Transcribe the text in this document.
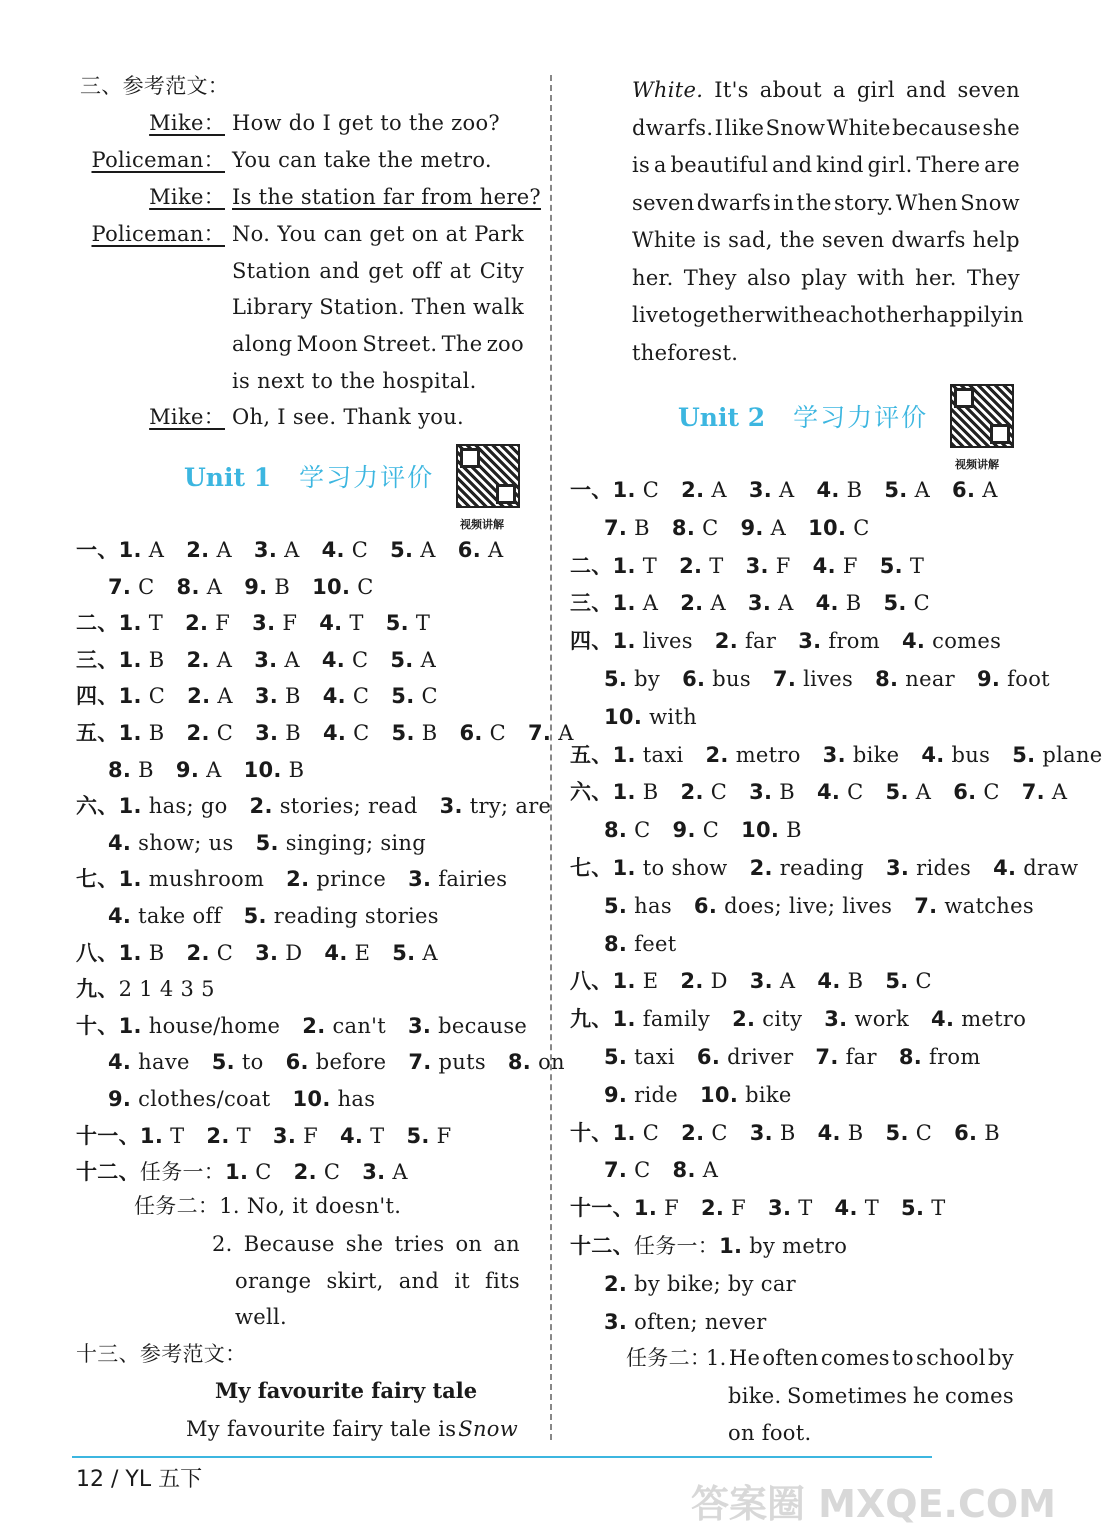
三、参考范文：
Mike： How do I get to the zoo?
Policeman： You can take the metro.
Mike： Is the station far from here?
Policeman： No. You can get on at Park
Station and get off at City
Library Station. Then walk
along Moon Street. The zoo
is next to the hospital.
Mike： Oh, I see. Thank you.
Unit 1 学习力评价
视频讲解
一、1. A 2. A 3. A 4. C 5. A 6. A
7. C 8. A 9. B 10. C
二、1. T 2. F 3. F 4. T 5. T
三、1. B 2. A 3. A 4. C 5. A
四、1. C 2. A 3. B 4. C 5. C
五、1. B 2. C 3. B 4. C 5. B 6. C 7. A
8. B 9. A 10. B
六、1. has; go 2. stories; read 3. try; are
4. show; us 5. singing; sing
七、1. mushroom 2. prince 3. fairies
4. take off 5. reading stories
八、1. B 2. C 3. D 4. E 5. A
九、2 1 4 3 5
十、1. house/home 2. can't 3. because
4. have 5. to 6. before 7. puts 8. on
9. clothes/coat 10. has
十一、1. T 2. T 3. F 4. T 5. F
十二、任务一：1. C 2. C 3. A
任务二：1. No, it doesn't.
2. Because she tries on an
orange skirt, and it fits
well.
十三、参考范文：
My favourite fairy tale
My favourite fairy tale is Snow
White. It's about a girl and seven
dwarfs. I like Snow White because she
is a beautiful and kind girl. There are
seven dwarfs in the story. When Snow
White is sad, the seven dwarfs help
her. They also play with her. They
live together with each other happily in
theforest.
Unit 2 学习力评价
视频讲解
一、1. C 2. A 3. A 4. B 5. A 6. A
7. B 8. C 9. A 10. C
二、1. T 2. T 3. F 4. F 5. T
三、1. A 2. A 3. A 4. B 5. C
四、1. lives 2. far 3. from 4. comes
5. by 6. bus 7. lives 8. near 9. foot
10. with
五、1. taxi 2. metro 3. bike 4. bus 5. plane
六、1. B 2. C 3. B 4. C 5. A 6. C 7. A
8. C 9. C 10. B
七、1. to show 2. reading 3. rides 4. draw
5. has 6. does; live; lives 7. watches
8. feet
八、1. E 2. D 3. A 4. B 5. C
九、1. family 2. city 3. work 4. metro
5. taxi 6. driver 7. far 8. from
9. ride 10. bike
十、1. C 2. C 3. B 4. B 5. C 6. B
7. C 8. A
十一、1. F 2. F 3. T 4. T 5. T
十二、任务一：1. by metro
2. by bike; by car
3. often; never
任务二：
1. He often comes to school by
bike. Sometimes he comes
on foot.
12 / YL 五下
答案圈 MXQE.COM
